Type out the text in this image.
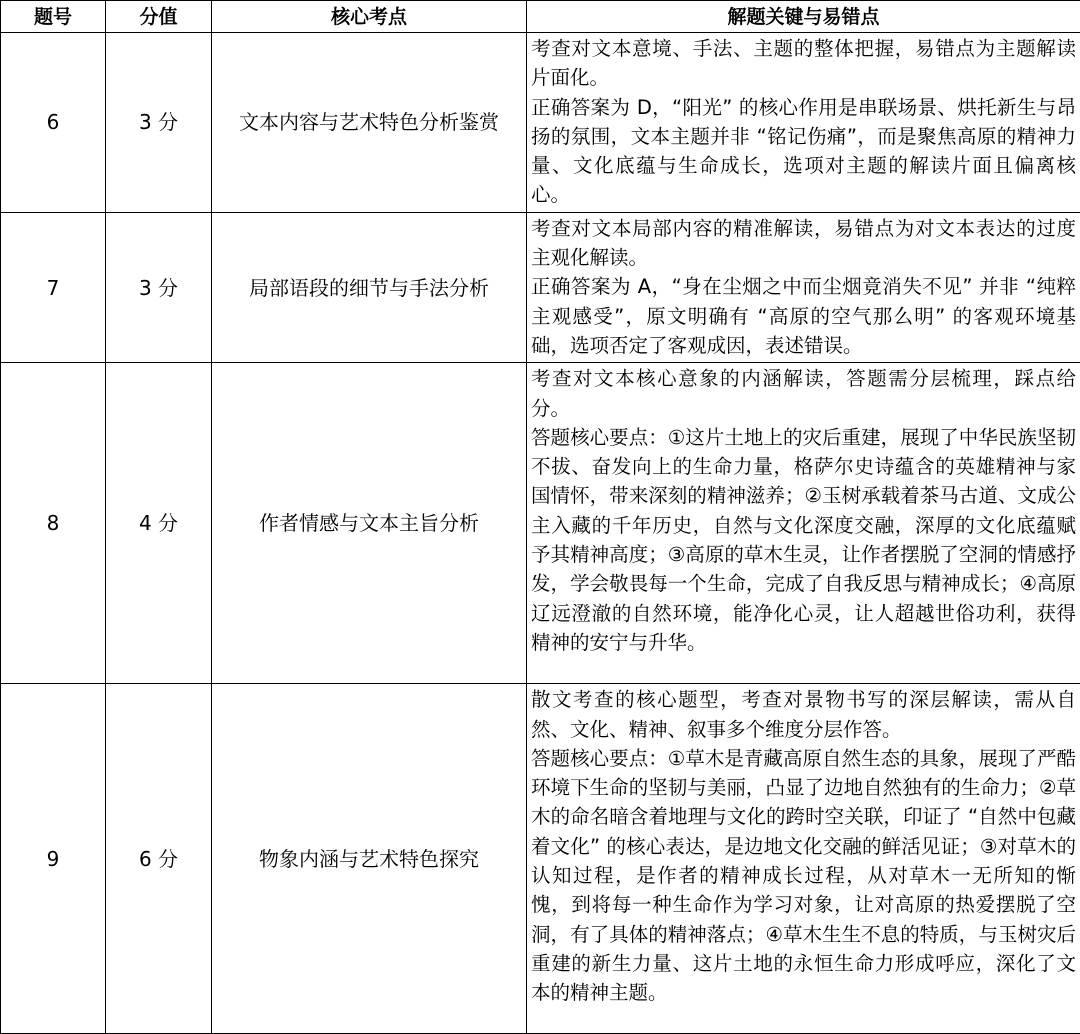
题号	分值	核心考点	解题关键与易错点
6	3 分	文本内容与艺术特色分析鉴赏	考查对文本意境、手法、主题的整体把握，易错点为主题解读片面化。
正确答案为 D，“阳光” 的核心作用是串联场景、烘托新生与昂扬的氛围，文本主题并非 “铭记伤痛”，而是聚焦高原的精神力量、文化底蕴与生命成长，选项对主题的解读片面且偏离核心。

7	3 分	局部语段的细节与手法分析	考查对文本局部内容的精准解读，易错点为对文本表达的过度主观化解读。
正确答案为 A，“身在尘烟之中而尘烟竟消失不见” 并非 “纯粹主观感受”，原文明确有 “高原的空气那么明” 的客观环境基础，选项否定了客观成因，表述错误。

8	4 分	作者情感与文本主旨分析	考查对文本核心意象的内涵解读，答题需分层梳理，踩点给分。
答题核心要点：①这片土地上的灾后重建，展现了中华民族坚韧不拔、奋发向上的生命力量，格萨尔史诗蕴含的英雄精神与家国情怀，带来深刻的精神滋养；②玉树承载着茶马古道、文成公主入藏的千年历史，自然与文化深度交融，深厚的文化底蕴赋予其精神高度；③高原的草木生灵，让作者摆脱了空洞的情感抒发，学会敬畏每一个生命，完成了自我反思与精神成长；④高原辽远澄澈的自然环境，能净化心灵，让人超越世俗功利，获得精神的安宁与升华。

9	6 分	物象内涵与艺术特色探究	散文考查的核心题型，考查对景物书写的深层解读，需从自然、文化、精神、叙事多个维度分层作答。
答题核心要点：①草木是青藏高原自然生态的具象，展现了严酷环境下生命的坚韧与美丽，凸显了边地自然独有的生命力；②草木的命名暗含着地理与文化的跨时空关联，印证了 “自然中包藏着文化” 的核心表达，是边地文化交融的鲜活见证；③对草木的认知过程，是作者的精神成长过程，从对草木一无所知的惭愧，到将每一种生命作为学习对象，让对高原的热爱摆脱了空洞，有了具体的精神落点；④草木生生不息的特质，与玉树灾后重建的新生力量、这片土地的永恒生命力形成呼应，深化了文本的精神主题。
